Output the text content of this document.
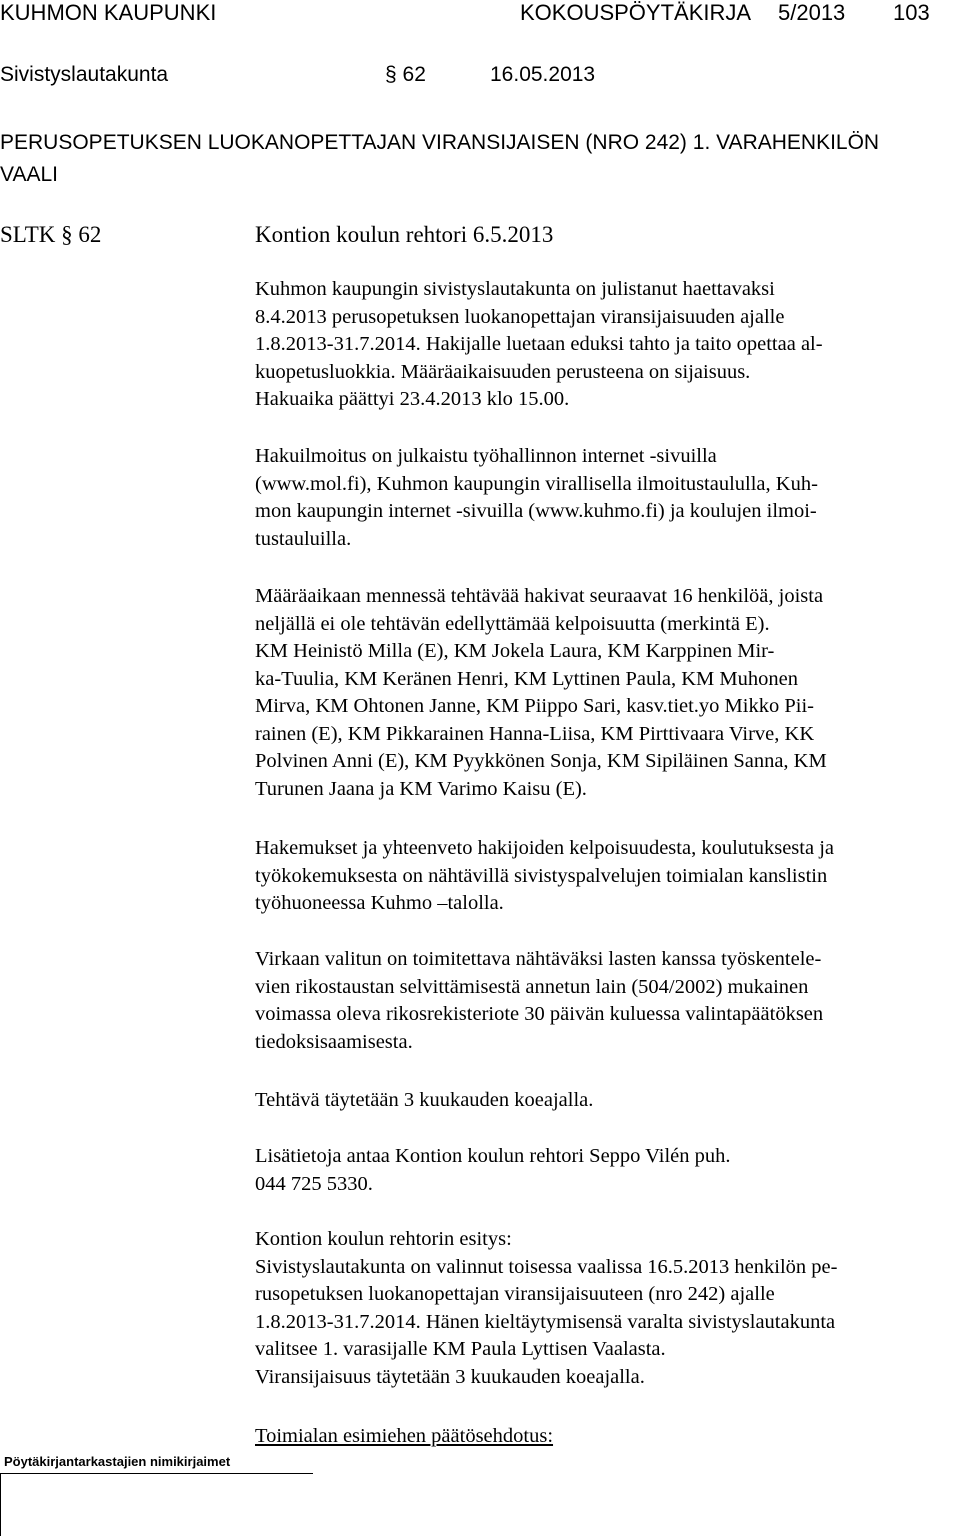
KUHMON KAUPUNKI	KOKOUSPÖYTÄKIRJA 5/2013 103
Sivistyslautakunta	§ 62	16.05.2013
PERUSOPETUKSEN LUOKANOPETTAJAN VIRANSIJAISEN (NRO 242) 1. VARAHENKILÖN
VAALI
SLTK § 62	Kontion koulun rehtori 6.5.2013
Kuhmon kaupungin sivistyslautakunta on julistanut haettavaksi
8.4.2013 perusopetuksen luokanopettajan viransijaisuuden ajalle
1.8.2013-31.7.2014. Hakijalle luetaan eduksi tahto ja taito opettaa al-
kuopetusluokkia. Määräaikaisuuden perusteena on sijaisuus.
Hakuaika päättyi 23.4.2013 klo 15.00.
Hakuilmoitus on julkaistu työhallinnon internet -sivuilla
(www.mol.fi), Kuhmon kaupungin virallisella ilmoitustaululla, Kuh-
mon kaupungin internet -sivuilla (www.kuhmo.fi) ja koulujen ilmoi-
tustauluilla.
Määräaikaan mennessä tehtävää hakivat seuraavat 16 henkilöä, joista
neljällä ei ole tehtävän edellyttämää kelpoisuutta (merkintä E).
KM Heinistö Milla (E), KM Jokela Laura, KM Karppinen Mir-
ka-Tuulia, KM Keränen Henri, KM Lyttinen Paula, KM Muhonen
Mirva, KM Ohtonen Janne, KM Piippo Sari, kasv.tiet.yo Mikko Pii-
rainen (E), KM Pikkarainen Hanna-Liisa, KM Pirttivaara Virve, KK
Polvinen Anni (E), KM Pyykkönen Sonja, KM Sipiläinen Sanna, KM
Turunen Jaana ja KM Varimo Kaisu (E).
Hakemukset ja yhteenveto hakijoiden kelpoisuudesta, koulutuksesta ja
työkokemuksesta on nähtävillä sivistyspalvelujen toimialan kanslistin
työhuoneessa Kuhmo –talolla.
Virkaan valitun on toimitettava nähtäväksi lasten kanssa työskentele-
vien rikostaustan selvittämisestä annetun lain (504/2002) mukainen
voimassa oleva rikosrekisteriote 30 päivän kuluessa valintapäätöksen
tiedoksisaamisesta.
Tehtävä täytetään 3 kuukauden koeajalla.
Lisätietoja antaa Kontion koulun rehtori Seppo Vilén puh.
044 725 5330.
Kontion koulun rehtorin esitys:
Sivistyslautakunta on valinnut toisessa vaalissa 16.5.2013 henkilön pe-
rusopetuksen luokanopettajan viransijaisuuteen (nro 242) ajalle
1.8.2013-31.7.2014. Hänen kieltäytymisensä varalta sivistyslautakunta
valitsee 1. varasijalle KM Paula Lyttisen Vaalasta.
Viransijaisuus täytetään 3 kuukauden koeajalla.
Toimialan esimiehen päätösehdotus:
Pöytäkirjantarkastajien nimikirjaimet
